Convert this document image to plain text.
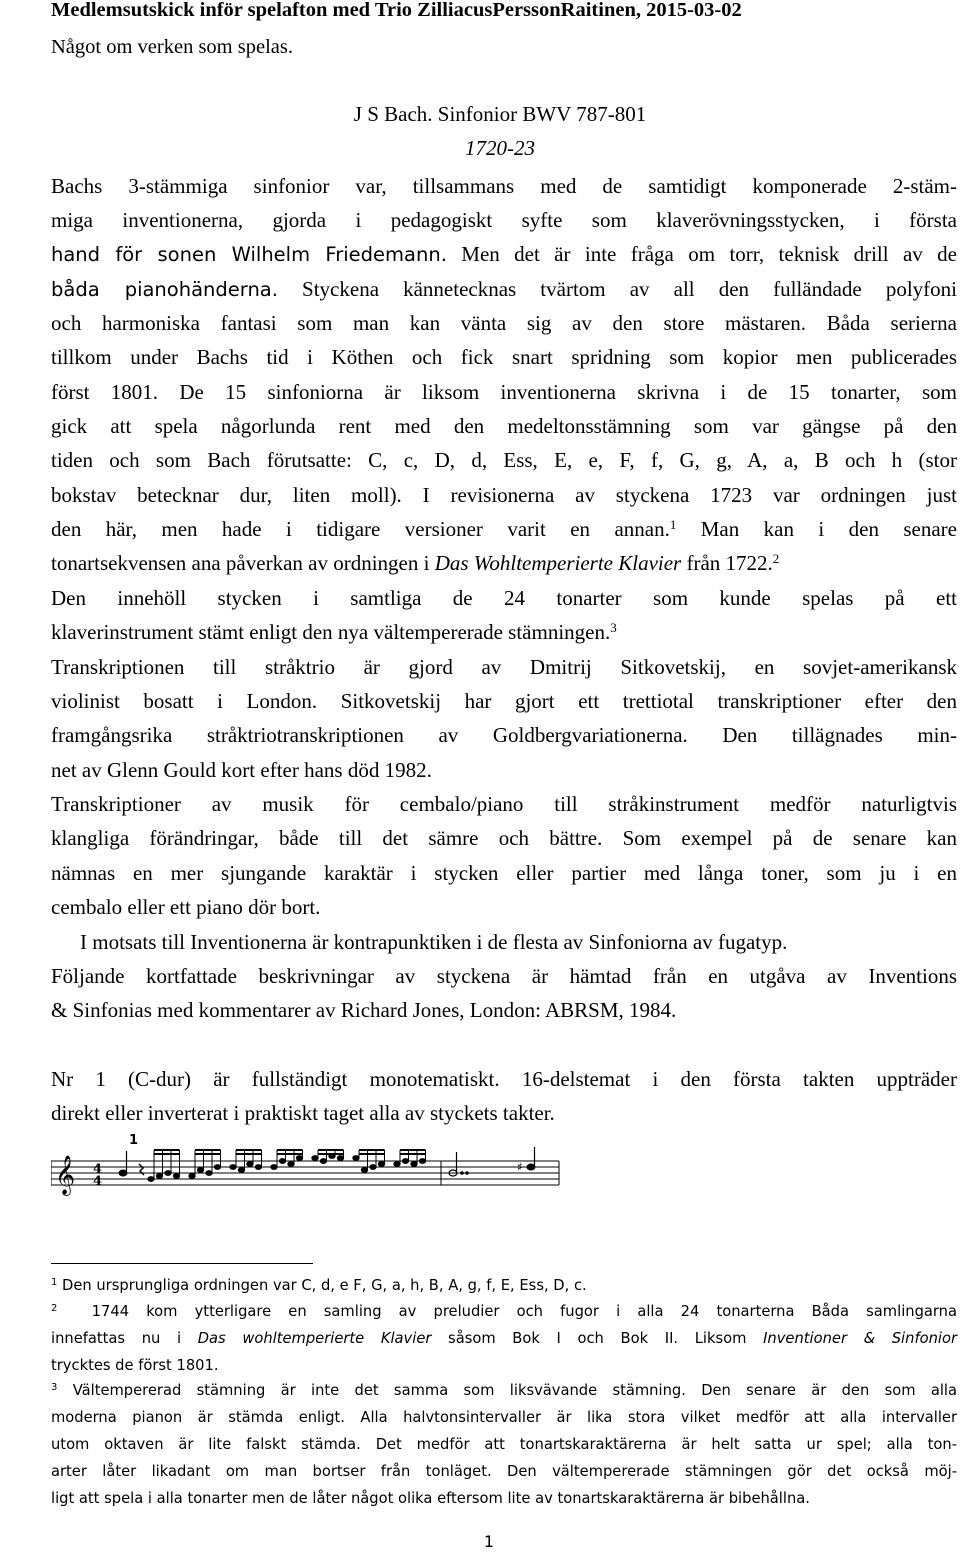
Medlemsutskick inför spelafton med Trio ZilliacusPerssonRaitinen, 2015-03-02
Något om verken som spelas.
J S Bach. Sinfonior BWV 787-801
1720-23
Bachs 3-stämmiga sinfonior var, tillsammans med de samtidigt komponerade 2-stäm-
miga inventionerna, gjorda i pedagogiskt syfte som klaverövningsstycken, i första
hand för sonen Wilhelm Friedemann. Men det är inte fråga om torr, teknisk drill av de
båda pianohänderna. Styckena kännetecknas tvärtom av all den fulländade polyfoni
och harmoniska fantasi som man kan vänta sig av den store mästaren. Båda serierna
tillkom under Bachs tid i Köthen och fick snart spridning som kopior men publicerades
först 1801. De 15 sinfoniorna är liksom inventionerna skrivna i de 15 tonarter, som
gick att spela någorlunda rent med den medeltonsstämning som var gängse på den
tiden och som Bach förutsatte: C, c, D, d, Ess, E, e, F, f, G, g, A, a, B och h (stor
bokstav betecknar dur, liten moll). I revisionerna av styckena 1723 var ordningen just
den här, men hade i tidigare versioner varit en annan.$^1$ Man kan i den senare
tonartsekvensen ana påverkan av ordningen i Das Wohltemperierte Klavier från 1722.$^2$
Den innehöll stycken i samtliga de 24 tonarter som kunde spelas på ett
klaverinstrument stämt enligt den nya vältempererade stämningen.$^3$
Transkriptionen till stråktrio är gjord av Dmitrij Sitkovetskij, en sovjet-amerikansk
violinist bosatt i London. Sitkovetskij har gjort ett trettiotal transkriptioner efter den
framgångsrika stråktriotranskriptionen av Goldbergvariationerna. Den tillägnades min-
net av Glenn Gould kort efter hans död 1982.
Transkriptioner av musik för cembalo/piano till stråkinstrument medför naturligtvis
klangliga förändringar, både till det sämre och bättre. Som exempel på de senare kan
nämnas en mer sjungande karaktär i stycken eller partier med långa toner, som ju i en
cembalo eller ett piano dör bort.
I motsats till Inventionerna är kontrapunktiken i de flesta av Sinfoniorna av fugatyp.
Följande kortfattade beskrivningar av styckena är hämtad från en utgåva av Inventions
& Sinfonias med kommentarer av Richard Jones, London: ABRSM, 1984.
Nr 1 (C-dur) är fullständigt monotematiskt. 16-delstemat i den första takten uppträder
direkt eller inverterat i praktiskt taget alla av styckets takter.
1
𝄞 4
4
♯
$^1$ Den ursprungliga ordningen var C, d, e F, G, a, h, B, A, g, f, E, Ess, D, c.
$^2$ 1744 kom ytterligare en samling av preludier och fugor i alla 24 tonarterna Båda samlingarna
innefattas nu i Das wohltemperierte Klavier såsom Bok I och Bok II. Liksom Inventioner & Sinfonior
trycktes de först 1801.
$^3$ Vältempererad stämning är inte det samma som liksvävande stämning. Den senare är den som alla
moderna pianon är stämda enligt. Alla halvtonsintervaller är lika stora vilket medför att alla intervaller
utom oktaven är lite falskt stämda. Det medför att tonartskaraktärerna är helt satta ur spel; alla ton-
arter låter likadant om man bortser från tonläget. Den vältempererade stämningen gör det också möj-
ligt att spela i alla tonarter men de låter något olika eftersom lite av tonartskaraktärerna är bibehållna.
1
